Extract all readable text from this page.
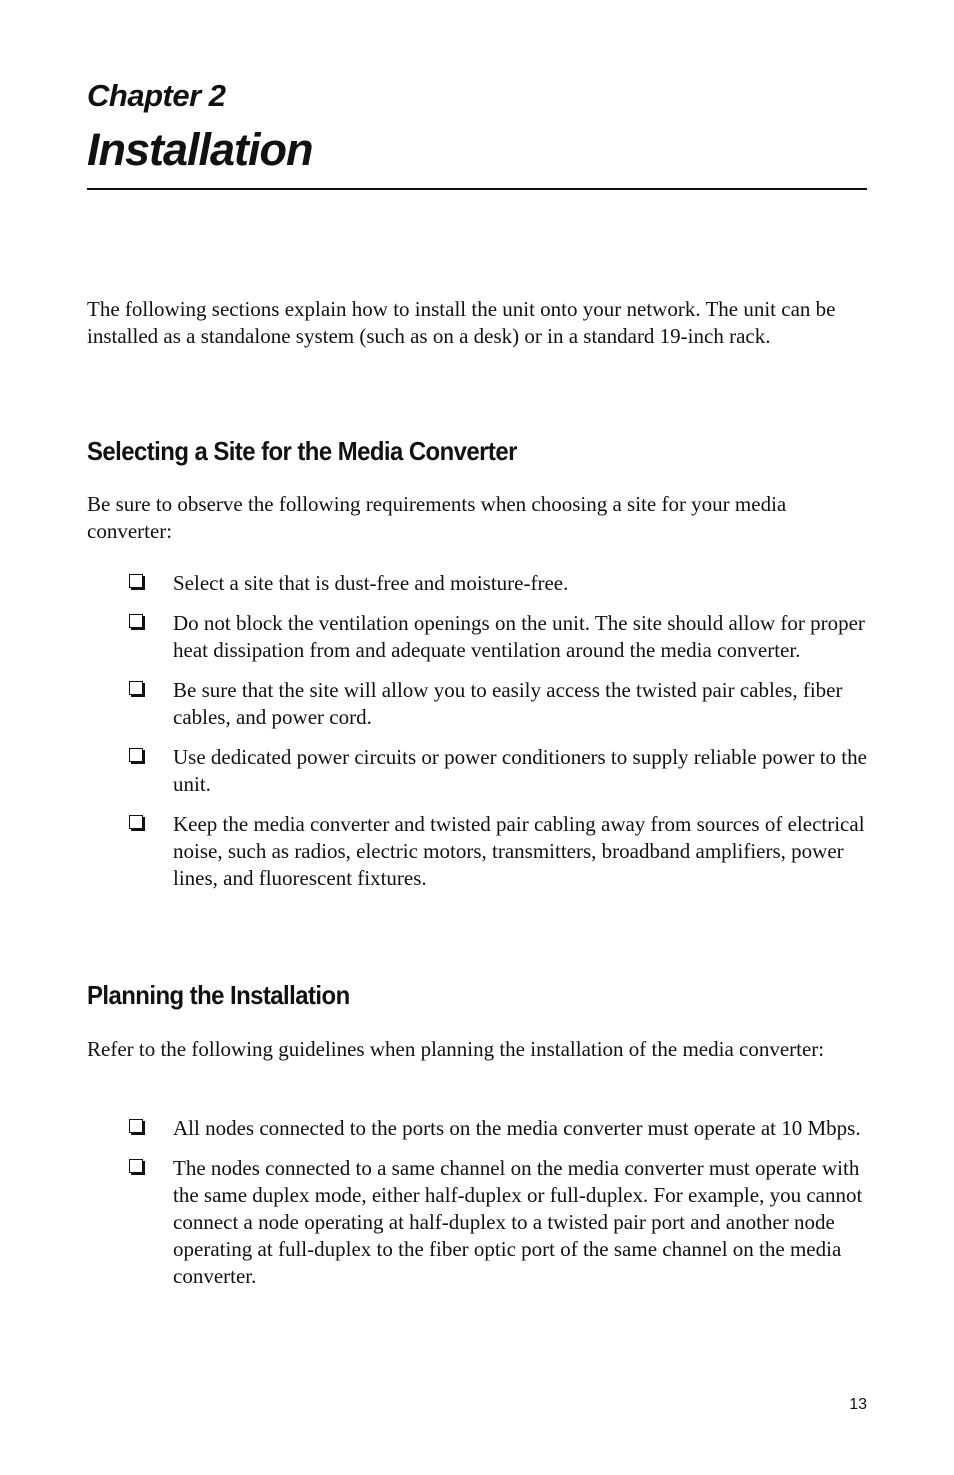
Chapter 2
Installation

The following sections explain how to install the unit onto your network. The unit can be installed as a standalone system (such as on a desk) or in a standard 19-inch rack.

Selecting a Site for the Media Converter

Be sure to observe the following requirements when choosing a site for your media converter:

Select a site that is dust-free and moisture-free.
Do not block the ventilation openings on the unit. The site should allow for proper heat dissipation from and adequate ventilation around the media converter.
Be sure that the site will allow you to easily access the twisted pair cables, fiber cables, and power cord.
Use dedicated power circuits or power conditioners to supply reliable power to the unit.
Keep the media converter and twisted pair cabling away from sources of electrical noise, such as radios, electric motors, transmitters, broadband amplifiers, power lines, and fluorescent fixtures.
Planning the Installation

Refer to the following guidelines when planning the installation of the media converter:

All nodes connected to the ports on the media converter must operate at 10 Mbps.
The nodes connected to a same channel on the media converter must operate with the same duplex mode, either half-duplex or full-duplex. For example, you cannot connect a node operating at half-duplex to a twisted pair port and another node operating at full-duplex to the fiber optic port of the same channel on the media converter.

13
